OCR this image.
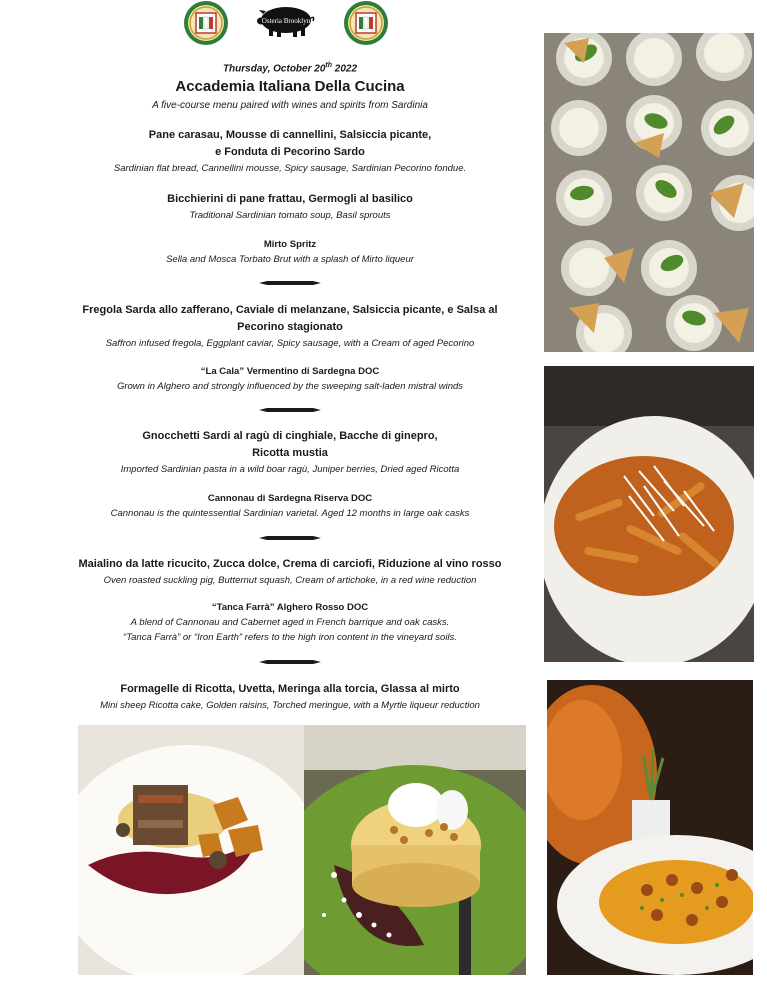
Osteria Brooklyn

Thursday, October 20th 2022

Accademia Italiana Della Cucina

A five-course menu paired with wines and spirits from Sardinia

Pane carasau, Mousse di cannellini, Salsiccia picante,

e Fonduta di Pecorino Sardo

Sardinian flat bread, Cannellini mousse, Spicy sausage, Sardinian Pecorino fondue.

Bicchierini di pane frattau, Germogli al basilico

Traditional Sardinian tomato soup, Basil sprouts

Mirto Spritz

Sella and Mosca Torbato Brut with a splash of Mirto liqueur

Fregola Sarda allo zafferano, Caviale di melanzane, Salsiccia picante, e Salsa al

Pecorino stagionato

Saffron infused fregola, Eggplant caviar, Spicy sausage, with a Cream of aged Pecorino

“La Cala” Vermentino di Sardegna DOC

Grown in Alghero and strongly influenced by the sweeping salt-laden mistral winds

Gnocchetti Sardi al ragù di cinghiale, Bacche di ginepro,

Ricotta mustia

Imported Sardinian pasta in a wild boar ragù, Juniper berries, Dried aged Ricotta

Cannonau di Sardegna Riserva DOC

Cannonau is the quintessential Sardinian varietal. Aged 12 months in large oak casks

Maialino da latte ricucito, Zucca dolce, Crema di carciofi, Riduzione al vino rosso

Oven roasted suckling pig, Butternut squash, Cream of artichoke, in a red wine reduction

“Tanca Farrà” Alghero Rosso DOC

A blend of Cannonau and Cabernet aged in French barrique and oak casks.

“Tanca Farrà” or “Iron Earth” refers to the high iron content in the vineyard soils.

Formagelle di Ricotta, Uvetta, Meringa alla torcia, Glassa al mirto

Mini sheep Ricotta cake, Golden raisins, Torched meringue, with a Myrtle liqueur reduction
